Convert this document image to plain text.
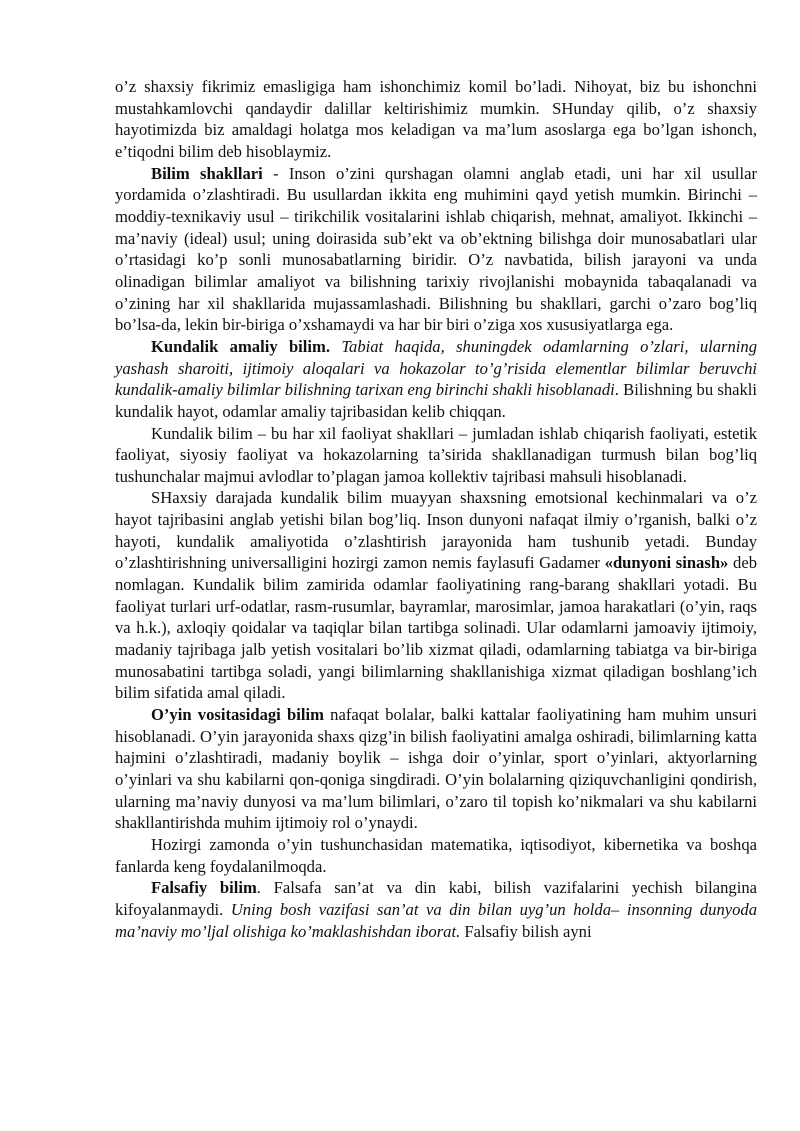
o’z shaxsiy fikrimiz emasligiga ham ishonchimiz komil bo’ladi. Nihoyat, biz bu ishonchni mustahkamlovchi qandaydir dalillar keltirishimiz mumkin. SHunday qilib, o’z shaxsiy hayotimizda biz amaldagi holatga mos keladigan va ma’lum asoslarga ega bo’lgan ishonch, e’tiqodni bilim deb hisoblaymiz.

Bilim shakllari - Inson o’zini qurshagan olamni anglab etadi, uni har xil usullar yordamida o’zlashtiradi. Bu usullardan ikkita eng muhimini qayd yetish mumkin. Birinchi – moddiy-texnikaviy usul – tirikchilik vositalarini ishlab chiqarish, mehnat, amaliyot. Ikkinchi – ma’naviy (ideal) usul; uning doirasida sub’ekt va ob’ektning bilishga doir munosabatlari ular o’rtasidagi ko’p sonli munosabatlarning biridir. O’z navbatida, bilish jarayoni va unda olinadigan bilimlar amaliyot va bilishning tarixiy rivojlanishi mobaynida tabaqalanadi va o’zining har xil shakllarida mujassamlashadi. Bilishning bu shakllari, garchi o’zaro bog’liq bo’lsa-da, lekin bir-biriga o’xshamaydi va har bir biri o’ziga xos xususiyatlarga ega.

Kundalik amaliy bilim. Tabiat haqida, shuningdek odamlarning o’zlari, ularning yashash sharoiti, ijtimoiy aloqalari va hokazolar to’g’risida elementlar bilimlar beruvchi kundalik-amaliy bilimlar bilishning tarixan eng birinchi shakli hisoblanadi. Bilishning bu shakli kundalik hayot, odamlar amaliy tajribasidan kelib chiqqan.

Kundalik bilim – bu har xil faoliyat shakllari – jumladan ishlab chiqarish faoliyati, estetik faoliyat, siyosiy faoliyat va hokazolarning ta’sirida shakllanadigan turmush bilan bog’liq tushunchalar majmui avlodlar to’plagan jamoa kollektiv tajribasi mahsuli hisoblanadi.

SHaxsiy darajada kundalik bilim muayyan shaxsning emotsional kechinmalari va o’z hayot tajribasini anglab yetishi bilan bog’liq. Inson dunyoni nafaqat ilmiy o’rganish, balki o’z hayoti, kundalik amaliyotida o’zlashtirish jarayonida ham tushunib yetadi. Bunday o’zlashtirishning universalligini hozirgi zamon nemis faylasufi Gadamer «dunyoni sinash» deb nomlagan. Kundalik bilim zamirida odamlar faoliyatining rang-barang shakllari yotadi. Bu faoliyat turlari urf-odatlar, rasm-rusumlar, bayramlar, marosimlar, jamoa harakatlari (o’yin, raqs va h.k.), axloqiy qoidalar va taqiqlar bilan tartibga solinadi. Ular odamlarni jamoaviy ijtimoiy, madaniy tajribaga jalb yetish vositalari bo’lib xizmat qiladi, odamlarning tabiatga va bir-biriga munosabatini tartibga soladi, yangi bilimlarning shakllanishiga xizmat qiladigan boshlang’ich bilim sifatida amal qiladi.

O’yin vositasidagi bilim nafaqat bolalar, balki kattalar faoliyatining ham muhim unsuri hisoblanadi. O’yin jarayonida shaxs qizg’in bilish faoliyatini amalga oshiradi, bilimlarning katta hajmini o’zlashtiradi, madaniy boylik – ishga doir o’yinlar, sport o’yinlari, aktyorlarning o’yinlari va shu kabilarni qon-qoniga singdiradi. O’yin bolalarning qiziquvchanligini qondirish, ularning ma’naviy dunyosi va ma’lum bilimlari, o’zaro til topish ko’nikmalari va shu kabilarni shakllantirishda muhim ijtimoiy rol o’ynaydi.

Hozirgi zamonda o’yin tushunchasidan matematika, iqtisodiyot, kibernetika va boshqa fanlarda keng foydalanilmoqda.

Falsafiy bilim. Falsafa san’at va din kabi, bilish vazifalarini yechish bilangina kifoyalanmaydi. Uning bosh vazifasi san’at va din bilan uyg’un holda– insonning dunyoda ma’naviy mo’ljal olishiga ko’maklashishdan iborat. Falsafiy bilish ayni
